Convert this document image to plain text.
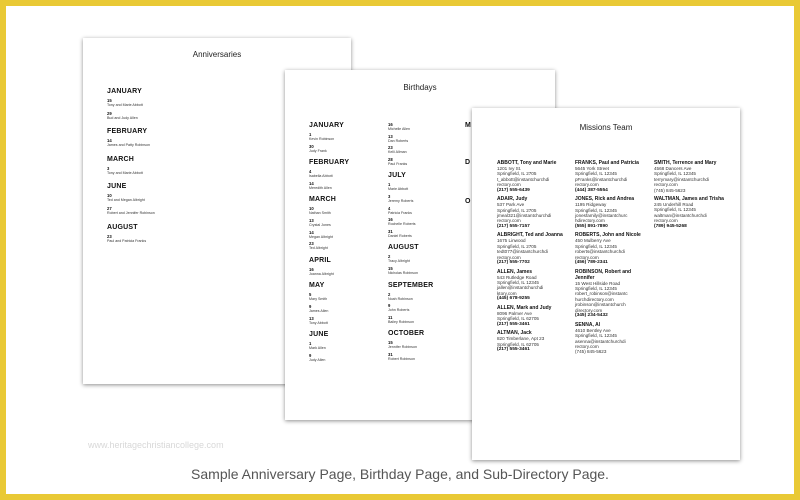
Anniversaries
JANUARY
15
Tony and Marie Abbott
29
Bud and Judy Allen
FEBRUARY
14
James and Patty Robinson
MARCH
3
Tony and Marie Abbott
JUNE
10
Ted and Megan Albright
27
Robert and Jennifer Robinson
AUGUST
23
Paul and Patricia Franks
Birthdays
JANUARY
1
Kevin Robinson
30
Judy Frank
FEBRUARY
4
Isabella Abbott
14
Meredith Allen
MARCH
10
Nathan Smith
13
Crystal Jones
14
Megan Albright
23
Ted Albright
APRIL
16
Joanna Albright
MAY
5
Mary Smith
9
James Allen
13
Tony Abbott
JUNE
1
Mark Allen
9
Judy Allen
16
Michelle Allen
13
Dan Roberts
23
Kelli Allman
28
Paul Franks
JULY
1
Marie Abbott
3
Jeremy Roberts
4
Patricia Franks
16
Rochelle Roberts
31
Daniel Roberts
AUGUST
2
Tracy Albright
15
Nicholas Robinson
SEPTEMBER
2
Noah Robinson
9
John Roberts
11
Bailey Robinson
OCTOBER
15
Jennifer Robinson
31
Robert Robinson
M
D
O
Missions Team
ABBOTT, Tony and Marie
1201 Ivy St.
Springfield, IL 2705
t_abbott@instantchurchdi
rectory.com
(217) 555-6439
ADAIR, Judy
537 Park Ave
Springfield, IL 2705
jmeal321@instantchurchdi
rectory.com
(217) 555-7157
ALBRIGHT, Ted and Joanna
1675 Linwood
Springfield, IL 2705
tedt077@instantchurchdi
rectory.com
(217) 555-7702
ALLEN, James
543 Rutledge Road
Springfield, IL 12345
jallen@instantchurchdi
ktory.com
(445) 678-9255
ALLEN, Mark and Judy
8096 Palmer Ave
Springfield, IL 62705
(217) 555-3461
ALTMAN, Jack
820 Timberlane, Apt 23
Springfield, IL 62705
(217) 555-3461
FRANKS, Paul and Patricia
5645 York Street
Springfield, IL 12345
pFranks@instantchurchdi
rectory.com
(444) 387-5554
JONES, Rick and Andrea
1195 Ridgeway
Springfield, IL 12345
jonesfamily@instantchurc
hdirectory.com
(555) 891-7890
ROBERTS, John and Nicole
450 Mulberry Ave
Springfield, IL 12345
roberts@instantchurchdi
rectory.com
(456) 789-2341
ROBINSON, Robert and Jennifer
15 West Hillside Road
Springfield, IL 12345
robert_robinson@instantc
hurchdirectory.com
jrobinson@instantchurch
directory.com
(345) 234-5432
SENNA, Al
4610 Bentley Ave
Springfield, IL 12345
asenna@instantchurchdi
rectory.com
(745) 845-5623
SMITH, Terrence and Mary
4568 Dancers Ave
Springfield, IL 12345
terrymary@instantchurchdi
rectory.com
(745) 845-5623
WALTMAN, James and Trisha
245 Underhill Road
Springfield, IL 12345
waltman@instantchurchdi
rectory.com
(789) 945-5268
www.heritagechristiancollege.com
Sample Anniversary Page, Birthday Page, and Sub-Directory Page.
